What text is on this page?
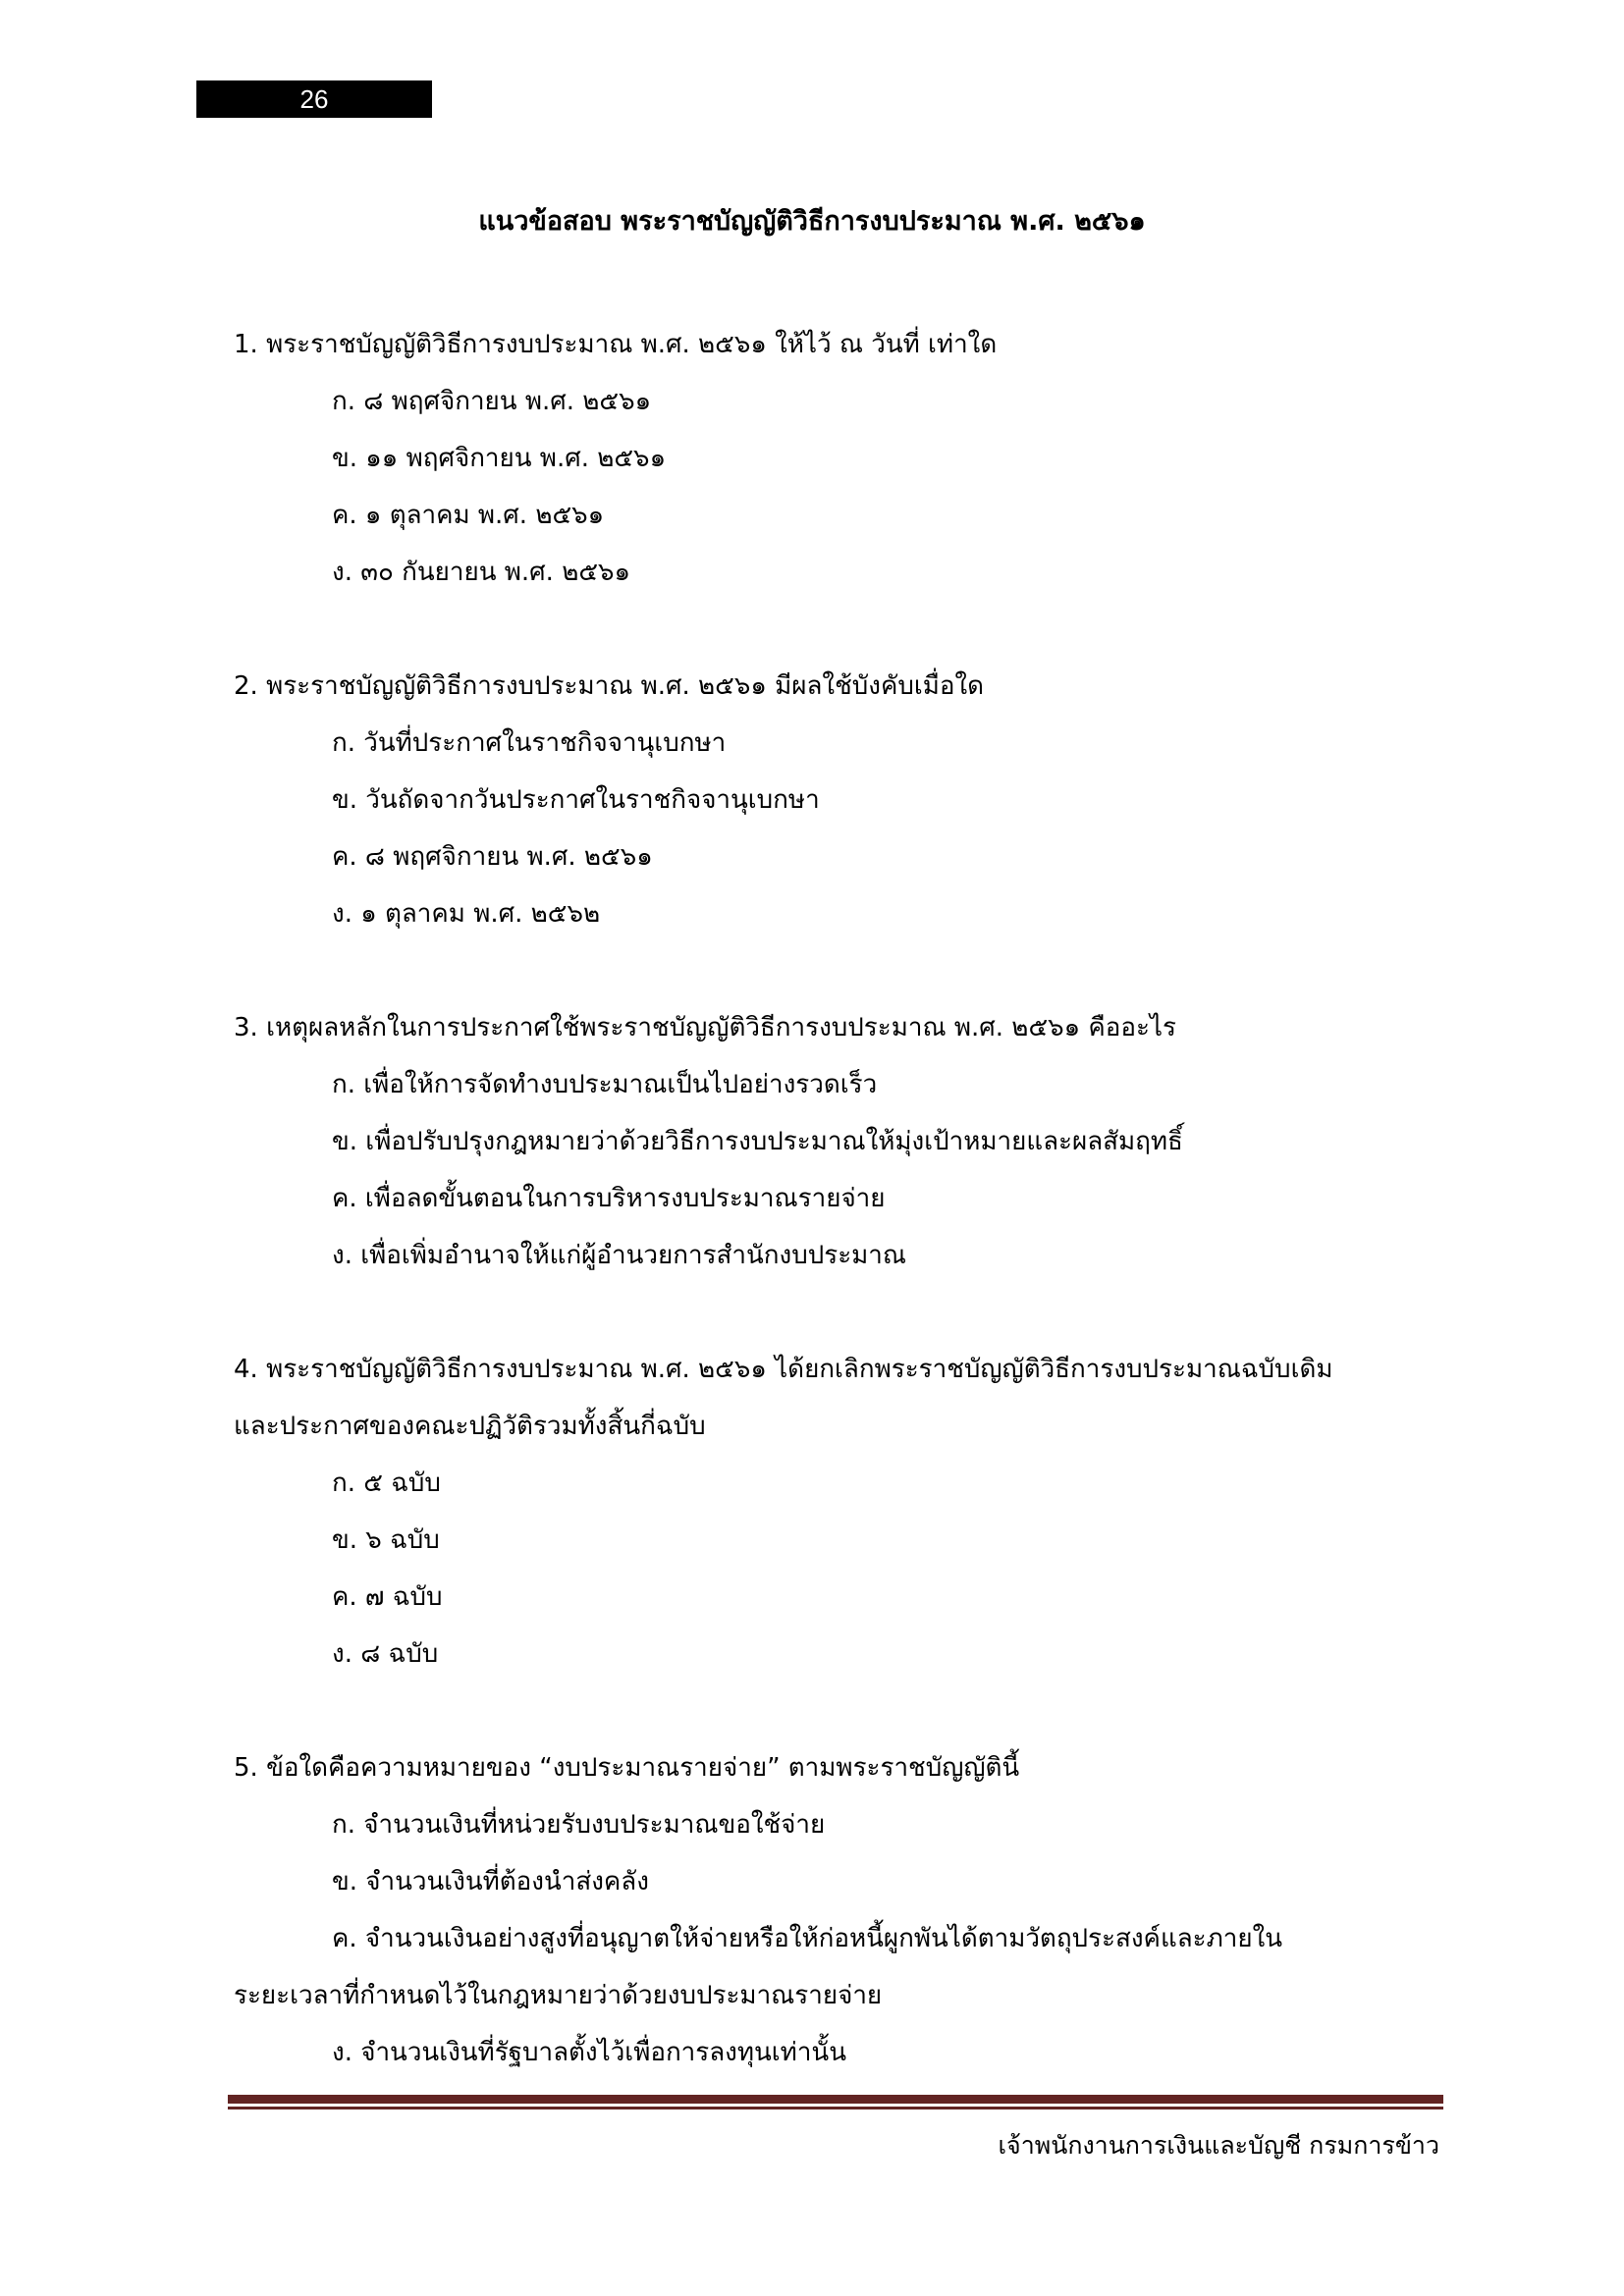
26
แนวข้อสอบ พระราชบัญญัติวิธีการงบประมาณ พ.ศ. ๒๕๖๑
1. พระราชบัญญัติวิธีการงบประมาณ พ.ศ. ๒๕๖๑ ให้ไว้ ณ วันที่ เท่าใด
ก. ๘ พฤศจิกายน พ.ศ. ๒๕๖๑
ข. ๑๑ พฤศจิกายน พ.ศ. ๒๕๖๑
ค. ๑ ตุลาคม พ.ศ. ๒๕๖๑
ง. ๓๐ กันยายน พ.ศ. ๒๕๖๑
2. พระราชบัญญัติวิธีการงบประมาณ พ.ศ. ๒๕๖๑ มีผลใช้บังคับเมื่อใด
ก. วันที่ประกาศในราชกิจจานุเบกษา
ข. วันถัดจากวันประกาศในราชกิจจานุเบกษา
ค. ๘ พฤศจิกายน พ.ศ. ๒๕๖๑
ง. ๑ ตุลาคม พ.ศ. ๒๕๖๒
3. เหตุผลหลักในการประกาศใช้พระราชบัญญัติวิธีการงบประมาณ พ.ศ. ๒๕๖๑ คืออะไร
ก. เพื่อให้การจัดทำงบประมาณเป็นไปอย่างรวดเร็ว
ข. เพื่อปรับปรุงกฎหมายว่าด้วยวิธีการงบประมาณให้มุ่งเป้าหมายและผลสัมฤทธิ์
ค. เพื่อลดขั้นตอนในการบริหารงบประมาณรายจ่าย
ง. เพื่อเพิ่มอำนาจให้แก่ผู้อำนวยการสำนักงบประมาณ
4. พระราชบัญญัติวิธีการงบประมาณ พ.ศ. ๒๕๖๑ ได้ยกเลิกพระราชบัญญัติวิธีการงบประมาณฉบับเดิม
และประกาศของคณะปฏิวัติรวมทั้งสิ้นกี่ฉบับ
ก. ๕ ฉบับ
ข. ๖ ฉบับ
ค. ๗ ฉบับ
ง. ๘ ฉบับ
5. ข้อใดคือความหมายของ “งบประมาณรายจ่าย” ตามพระราชบัญญัตินี้
ก. จำนวนเงินที่หน่วยรับงบประมาณขอใช้จ่าย
ข. จำนวนเงินที่ต้องนำส่งคลัง
ค. จำนวนเงินอย่างสูงที่อนุญาตให้จ่ายหรือให้ก่อหนี้ผูกพันได้ตามวัตถุประสงค์และภายใน
ระยะเวลาที่กำหนดไว้ในกฎหมายว่าด้วยงบประมาณรายจ่าย
ง. จำนวนเงินที่รัฐบาลตั้งไว้เพื่อการลงทุนเท่านั้น
เจ้าพนักงานการเงินและบัญชี กรมการข้าว
